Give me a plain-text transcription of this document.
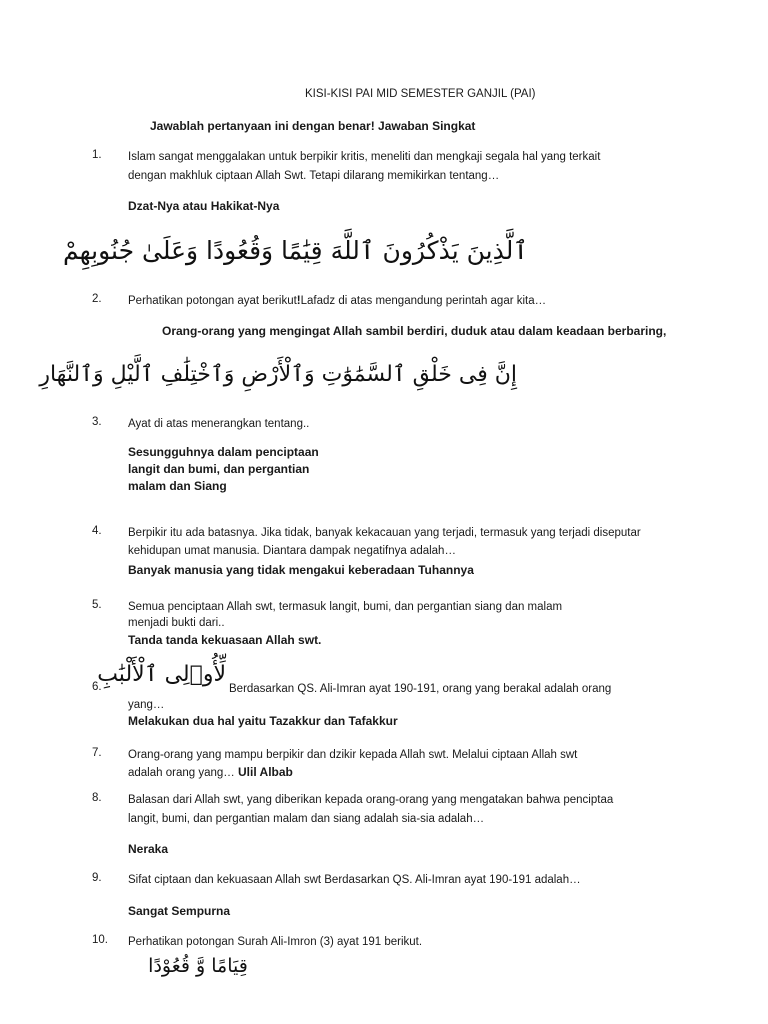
KISI-KISI PAI MID SEMESTER GANJIL (PAI)
Jawablah pertanyaan ini dengan benar! Jawaban Singkat
1. Islam sangat menggalakan untuk berpikir kritis, meneliti dan mengkaji segala hal yang terkait
dengan makhluk ciptaan Allah Swt. Tetapi dilarang memikirkan tentang…
Dzat-Nya atau Hakikat-Nya
ٱلَّذِينَ يَذْكُرُونَ ٱللَّهَ قِيَٰمًا وَقُعُودًا وَعَلَىٰ جُنُوبِهِمْ
2. Perhatikan potongan ayat berikut!Lafadz di atas mengandung perintah agar kita…
Orang-orang yang mengingat Allah sambil berdiri, duduk atau dalam keadaan berbaring,
إِنَّ فِى خَلْقِ ٱلسَّمَٰوَٰتِ وَٱلْأَرْضِ وَٱخْتِلَٰفِ ٱلَّيْلِ وَٱلنَّهَارِ
3. Ayat di atas menerangkan tentang..
Sesungguhnya dalam penciptaan
langit dan bumi, dan pergantian
malam dan Siang
4. Berpikir itu ada batasnya. Jika tidak, banyak kekacauan yang terjadi, termasuk yang terjadi diseputar
kehidupan umat manusia. Diantara dampak negatifnya adalah…
Banyak manusia yang tidak mengakui keberadaan Tuhannya
5. Semua penciptaan Allah swt, termasuk langit, bumi, dan pergantian siang dan malam
menjadi bukti dari..
Tanda tanda kekuasaan Allah swt.
لِّأُو۟لِى ٱلْأَلْبَٰبِ
6.	Berdasarkan QS. Ali-Imran ayat 190-191, orang yang berakal adalah orang
yang…
Melakukan dua hal yaitu Tazakkur dan Tafakkur
7. Orang-orang yang mampu berpikir dan dzikir kepada Allah swt. Melalui ciptaan Allah swt
adalah orang yang… Ulil Albab
8. Balasan dari Allah swt, yang diberikan kepada orang-orang yang mengatakan bahwa penciptaa
langit, bumi, dan pergantian malam dan siang adalah sia-sia adalah…
Neraka
9. Sifat ciptaan dan kekuasaan Allah swt Berdasarkan QS. Ali-Imran ayat 190-191 adalah…
Sangat Sempurna
10. Perhatikan potongan Surah Ali-Imron (3) ayat 191 berikut.
قِيَامًا وَّ قُعُوْدًا
